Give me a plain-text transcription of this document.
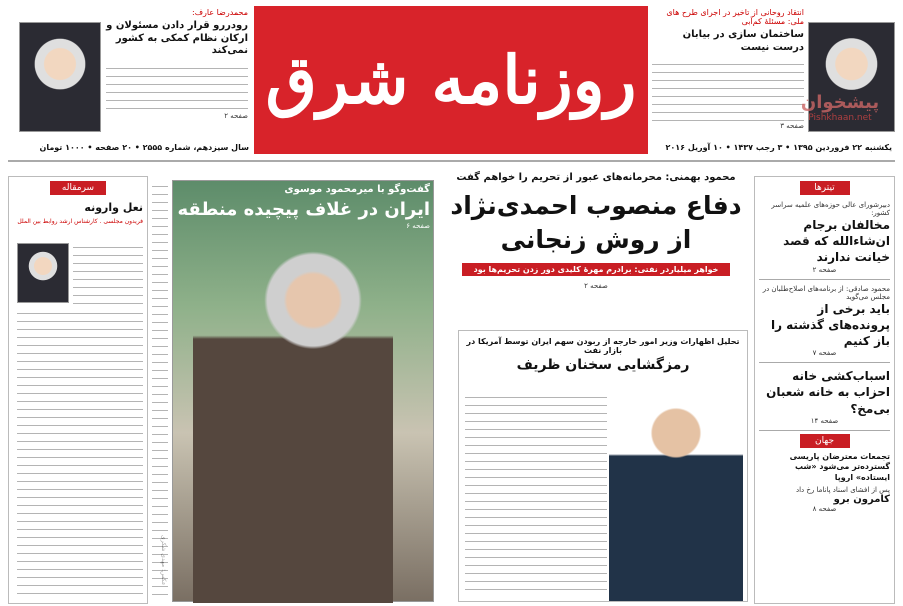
انتقاد روحانی از تاخیر در اجرای طرح های ملی: مسئلهٔ کم‌آبی
ساختمان سازی در بیابان درست نیست
صفحه ۳
روزنامه شرق
سال سیزدهم، شماره ۲۵۵۵ • ۲۰ صفحه • ۱۰۰۰ تومان	یکشنبه ۲۲ فروردین ۱۳۹۵ • ۳ رجب ۱۴۳۷ • ۱۰ آوریل ۲۰۱۶
پیشخوان
Pishkhaan.net
محمدرضا عارف:
رودررو قرار دادن مسئولان و ارکان نظام کمکی به کشور نمی‌کند
صفحه ۲
تیترها
دبیرشورای عالی حوزه‌های علمیه سراسر کشور:
مخالفان برجام ان‌شاءالله که قصد خیانت ندارند
صفحه ۲
محمود صادقی: از برنامه‌های اصلاح‌طلبان در مجلس می‌گوید
باید برخی از پرونده‌های گذشته را باز کنیم
صفحه ۷
اسباب‌کشی خانه احزاب به خانه شعبان بی‌مخ؟
صفحه ۱۴
جهان
تجمعات معترضان پاریسی گسترده‌تر می‌شود «شب ایستاده» اروپا
پس از افشای اسناد پاناما رخ داد
کامرون برو
صفحه ۸
محمود بهمنی: محرمانه‌های عبور از تحریم را خواهم گفت
دفاع منصوب احمدی‌نژاد
از روش زنجانی
خواهر میلیاردر نفتی: برادرم مهرهٔ کلیدی دور زدن تحریم‌ها بود
صفحه ۲
گفت‌وگو با میرمحمود موسوی
ایران در غلاف پیچیده منطقه
صفحه ۶
تحلیل اظهارات وزیر امور خارجه از ربودن سهم ایران توسط آمریکا در بازار نفت
رمزگشایی سخنان ظریف
سرمقاله
نعل وارونه
فریدون مجلسی . کارشناس ارشد روابط بین الملل
